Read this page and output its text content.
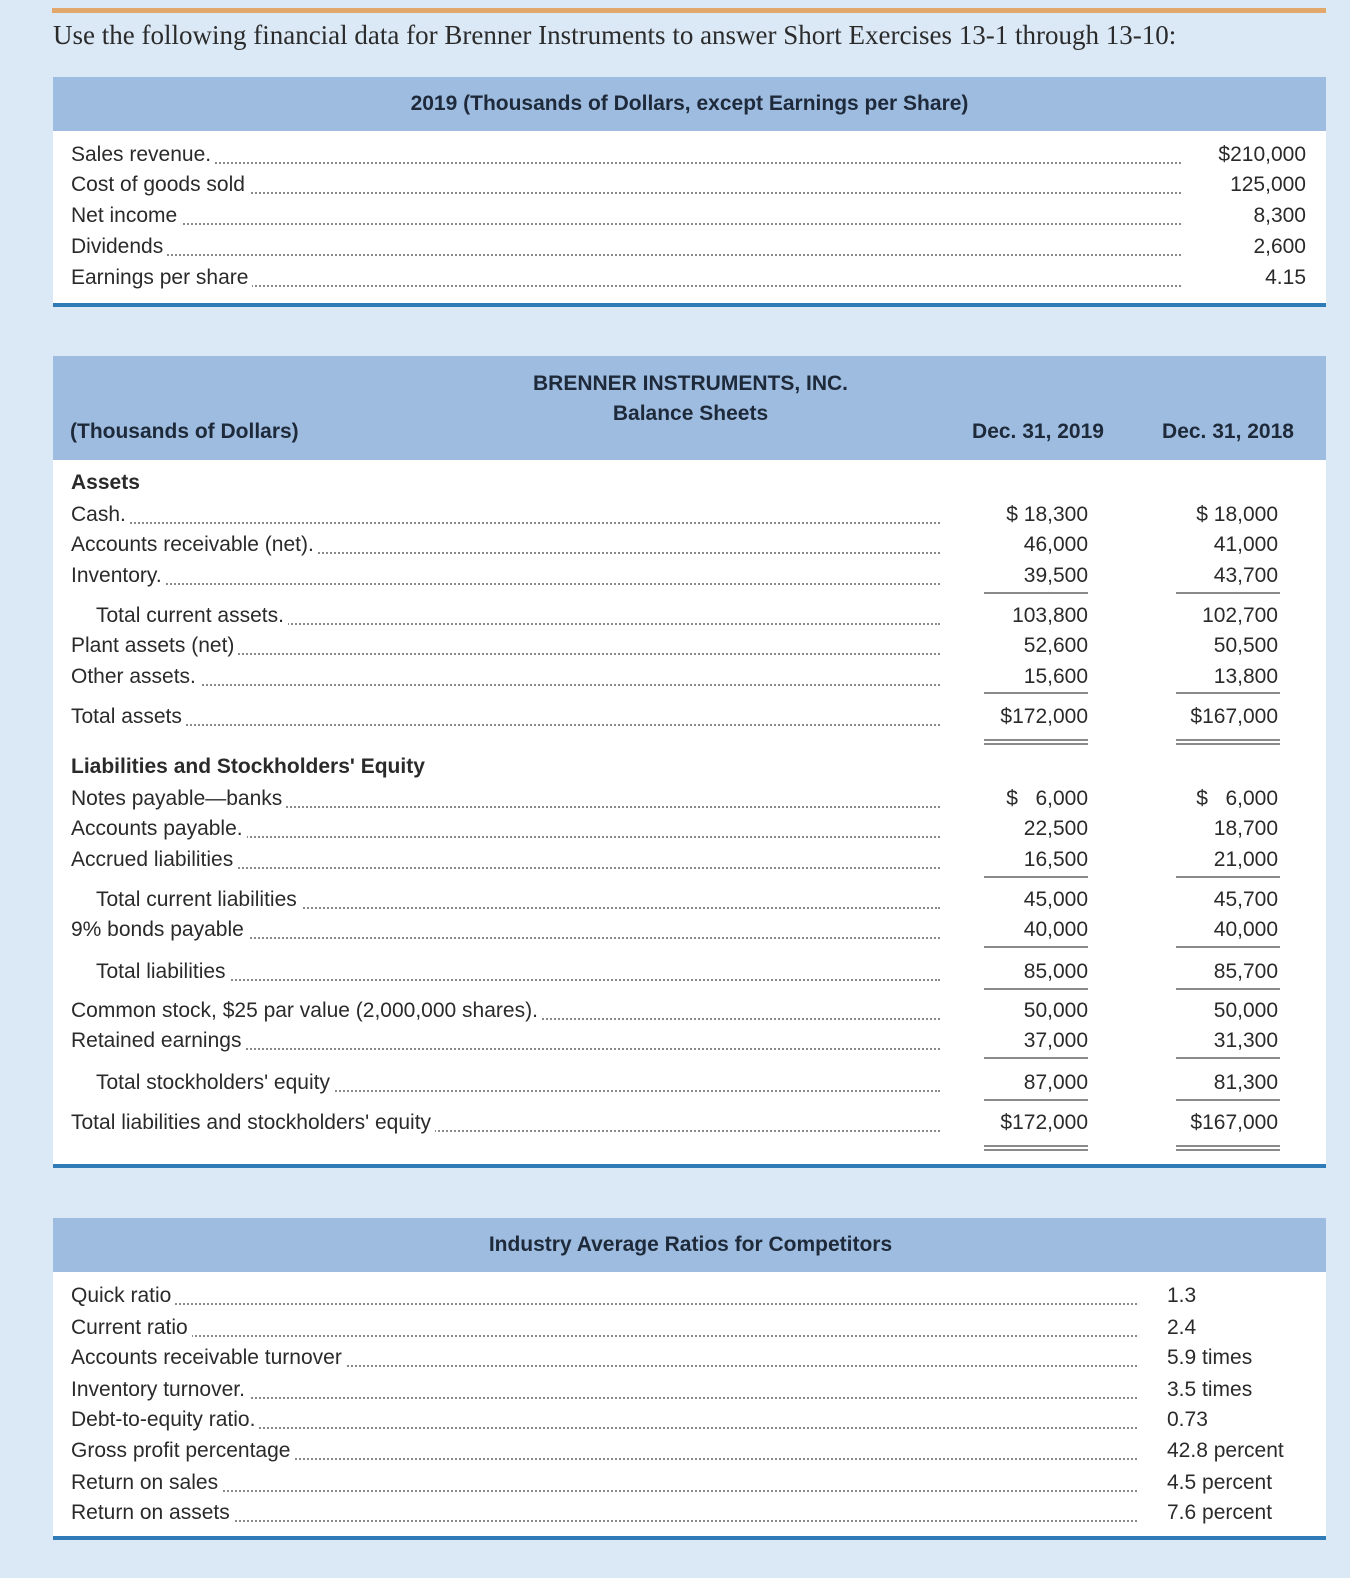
Use the following financial data for Brenner Instruments to answer Short Exercises 13-1 through 13-10:
2019 (Thousands of Dollars, except Earnings per Share)
BRENNER INSTRUMENTS, INC.
Balance Sheets
(Thousands of Dollars)	Dec. 31, 2019	Dec. 31, 2018
Industry Average Ratios for Competitors
Sales revenue.	$210,000
Cost of goods sold	125,000
Net income	8,300
Dividends	2,600
Earnings per share	4.15
Assets
Liabilities and Stockholders' Equity
Cash.	$ 18,300	$ 18,000
Accounts receivable (net).	46,000	41,000
Inventory.	39,500	43,700
Total current assets.	103,800	102,700
Plant assets (net)	52,600	50,500
Other assets.	15,600	13,800
Total assets	$172,000	$167,000
Notes payable—banks	$   6,000	$   6,000
Accounts payable.	22,500	18,700
Accrued liabilities	16,500	21,000
Total current liabilities	45,000	45,700
9% bonds payable	40,000	40,000
Total liabilities	85,000	85,700
Common stock, $25 par value (2,000,000 shares).	50,000	50,000
Retained earnings	37,000	31,300
Total stockholders' equity	87,000	81,300
Total liabilities and stockholders' equity	$172,000	$167,000
Quick ratio	1.3
Current ratio	2.4
Accounts receivable turnover	5.9 times
Inventory turnover.	3.5 times
Debt-to-equity ratio.	0.73
Gross profit percentage	42.8 percent
Return on sales	4.5 percent
Return on assets	7.6 percent
